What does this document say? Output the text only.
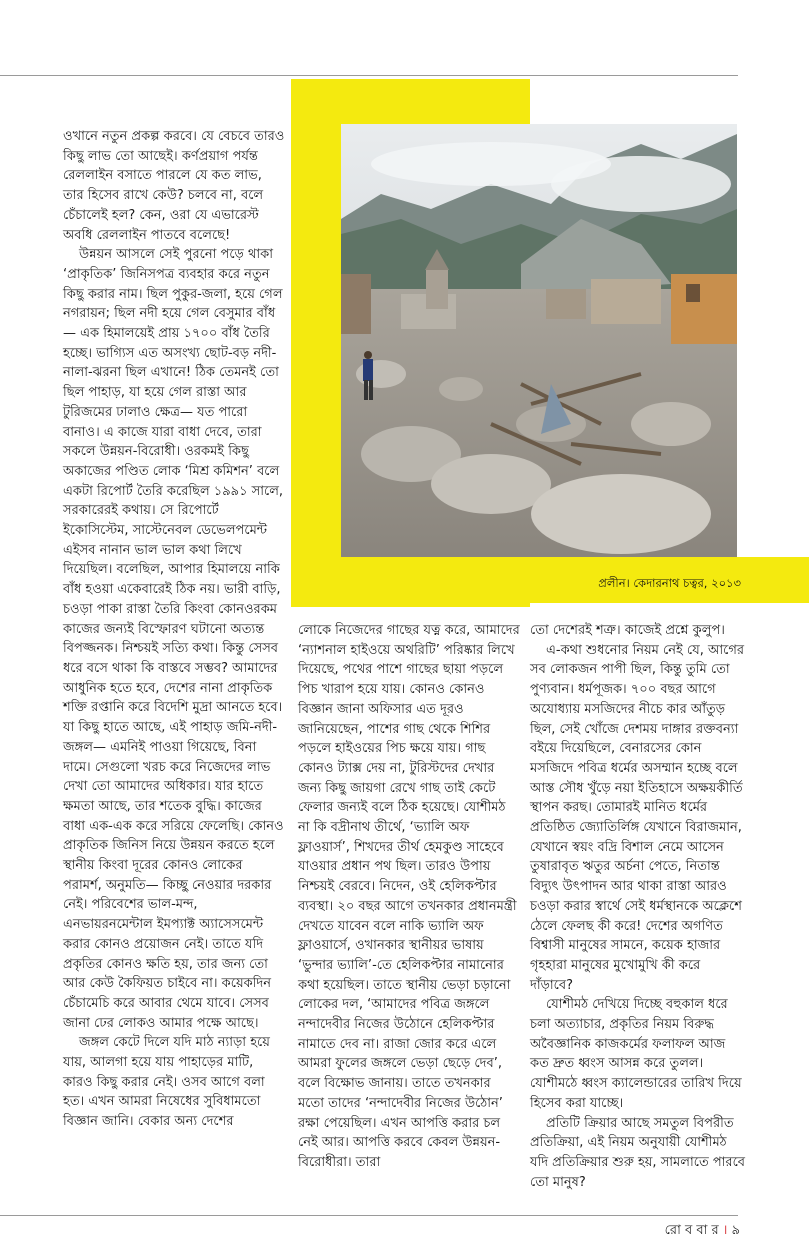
প্রলীন। কেদারনাথ চত্বর, ২০১৩

ওখানে নতুন প্রকল্প করবে। যে বেচবে তারও কিছু লাভ তো আছেই। কর্ণপ্রয়াগ পর্যন্ত রেললাইন বসাতে পারলে যে কত লাভ, তার হিসেব রাখে কেউ? চলবে না, বলে চেঁচালেই হল? কেন, ওরা যে এভারেস্ট অবধি রেললাইন পাতবে বলেছে!

উন্নয়ন আসলে সেই পুরনো পড়ে থাকা ‘প্রাকৃতিক’ জিনিসপত্র ব্যবহার করে নতুন কিছু করার নাম। ছিল পুকুর-জলা, হয়ে গেল নগরায়ন; ছিল নদী হয়ে গেল বেসুমার বাঁধ— এক হিমালয়েই প্রায় ১৭০০ বাঁধ তৈরি হচ্ছে। ভাগ্যিস এত অসংখ্য ছোট-বড় নদী-নালা-ঝরনা ছিল এখানে! ঠিক তেমনই তো ছিল পাহাড়, যা হয়ে গেল রাস্তা আর টুরিজমের ঢালাও ক্ষেত্র— যত পারো বানাও। এ কাজে যারা বাধা দেবে, তারা সকলে উন্নয়ন-বিরোধী। ওরকমই কিছু অকাজের পণ্ডিত লোক ‘মিশ্র কমিশন’ বলে একটা রিপোর্ট তৈরি করেছিল ১৯৯১ সালে, সরকারেরই কথায়। সে রিপোর্টে ইকোসিস্টেম, সাস্টেনেবল ডেভেলপমেন্ট এইসব নানান ভাল ভাল কথা লিখে দিয়েছিল। বলেছিল, আপার হিমালয়ে নাকি বাঁধ হওয়া একেবারেই ঠিক নয়। ভারী বাড়ি, চওড়া পাকা রাস্তা তৈরি কিংবা কোনওরকম কাজের জন্যই বিস্ফোরণ ঘটানো অত্যন্ত বিপজ্জনক। নিশ্চয়ই সত্যি কথা। কিন্তু সেসব ধরে বসে থাকা কি বাস্তবে সম্ভব? আমাদের আধুনিক হতে হবে, দেশের নানা প্রাকৃতিক শক্তি রপ্তানি করে বিদেশি মুদ্রা আনতে হবে। যা কিছু হাতে আছে, এই পাহাড় জমি-নদী-জঙ্গল— এমনিই পাওয়া গিয়েছে, বিনা দামে। সেগুলো খরচ করে নিজেদের লাভ দেখা তো আমাদের অধিকার। যার হাতে ক্ষমতা আছে, তার শতেক বুদ্ধি। কাজের বাধা এক-এক করে সরিয়ে ফেলেছি। কোনও প্রাকৃতিক জিনিস নিয়ে উন্নয়ন করতে হলে স্থানীয় কিংবা দূরের কোনও লোকের পরামর্শ, অনুমতি— কিচ্ছু নেওয়ার দরকার নেই। পরিবেশের ভাল-মন্দ, এনভায়রনমেন্টাল ইমপ্যাক্ট অ্যাসেসমেন্ট করার কোনও প্রয়োজন নেই। তাতে যদি প্রকৃতির কোনও ক্ষতি হয়, তার জন্য তো আর কেউ কৈফিয়ত চাইবে না। কয়েকদিন চেঁচামেচি করে আবার থেমে যাবে। সেসব জানা ঢের লোকও আমার পক্ষে আছে।

জঙ্গল কেটে দিলে যদি মাঠ ন্যাড়া হয়ে যায়, আলগা হয়ে যায় পাহাড়ের মাটি, কারও কিছু করার নেই। ওসব আগে বলা হত। এখন আমরা নিষেধের সুবিধামতো বিজ্ঞান জানি। বেকার অন্য দেশের

লোকে নিজেদের গাছের যত্ন করে, আমাদের ‘ন্যাশনাল হাইওয়ে অথরিটি’ পরিষ্কার লিখে দিয়েছে, পথের পাশে গাছের ছায়া পড়লে পিচ খারাপ হয়ে যায়। কোনও কোনও বিজ্ঞান জানা অফিসার এত দূরও জানিয়েছেন, পাশের গাছ থেকে শিশির পড়লে হাইওয়ের পিচ ক্ষয়ে যায়। গাছ কোনও ট্যাক্স দেয় না, টুরিস্টদের দেখার জন্য কিছু জায়গা রেখে গাছ তাই কেটে ফেলার জন্যই বলে ঠিক হয়েছে। যোশীমঠ না কি বদ্রীনাথ তীর্থে, ‘ভ্যালি অফ ফ্লাওয়ার্স’, শিখদের তীর্থ হেমকুণ্ড সাহেবে যাওয়ার প্রধান পথ ছিল। তারও উপায় নিশ্চয়ই বেরবে। নিদেন, ওই হেলিকপ্টার ব্যবস্থা। ২০ বছর আগে তখনকার প্রধানমন্ত্রী দেখতে যাবেন বলে নাকি ভ্যালি অফ ফ্লাওয়ার্সে, ওখানকার স্থানীয়র ভাষায় ‘ভুন্দার ভ্যালি’-তে হেলিকপ্টার নামানোর কথা হয়েছিল। তাতে স্থানীয় ভেড়া চড়ানো লোকের দল, ‘আমাদের পবিত্র জঙ্গলে নন্দাদেবীর নিজের উঠোনে হেলিকপ্টার নামাতে দেব না। রাজা জোর করে এলে আমরা ফুলের জঙ্গলে ভেড়া ছেড়ে দেব’, বলে বিক্ষোভ জানায়। তাতে তখনকার মতো তাদের ‘নন্দাদেবীর নিজের উঠোন’ রক্ষা পেয়েছিল। এখন আপত্তি করার চল নেই আর। আপত্তি করবে কেবল উন্নয়ন-বিরোধীরা। তারা

তো দেশেরই শত্রু। কাজেই প্রশ্নে কুলুপ।

এ-কথা শুধনোর নিয়ম নেই যে, আগের সব লোকজন পাপী ছিল, কিন্তু তুমি তো পুণ্যবান। ধর্মপূজক। ৭০০ বছর আগে অযোধ্যায় মসজিদের নীচে কার আঁতুড় ছিল, সেই খোঁজে দেশময় দাঙ্গার রক্তবন্যা বইয়ে দিয়েছিলে, বেনারসের কোন মসজিদে পবিত্র ধর্মের অসম্মান হচ্ছে বলে আস্ত সৌধ খুঁড়ে নয়া ইতিহাসে অক্ষয়কীর্তি স্থাপন করছ। তোমারই মানিত ধর্মের প্রতিষ্ঠিত জ্যোতির্লিঙ্গ যেখানে বিরাজমান, যেখানে স্বয়ং বদ্রি বিশাল নেমে আসেন তুষারাবৃত ঋতুর অর্চনা পেতে, নিতান্ত বিদ্যুৎ উৎপাদন আর থাকা রাস্তা আরও চওড়া করার স্বার্থে সেই ধর্মস্থানকে অক্লেশে ঠেলে ফেলছ কী করে! দেশের অগণিত বিশ্বাসী মানুষের সামনে, কয়েক হাজার গৃহহারা মানুষের মুখোমুখি কী করে দাঁড়াবে?

যোশীমঠ দেখিয়ে দিচ্ছে বহুকাল ধরে চলা অত্যাচার, প্রকৃতির নিয়ম বিরুদ্ধ অবৈজ্ঞানিক কাজকর্মের ফলাফল আজ কত দ্রুত ধ্বংস আসন্ন করে তুলল। যোশীমঠে ধ্বংস ক্যালেন্ডারের তারিখ দিয়ে হিসেব করা যাচ্ছে।

প্রতিটি ক্রিয়ার আছে সমতুল বিপরীত প্রতিক্রিয়া, এই নিয়ম অনুযায়ী যোশীমঠ যদি প্রতিক্রিয়ার শুরু হয়, সামলাতে পারবে তো মানুষ?

রো ব বা র । ৯
